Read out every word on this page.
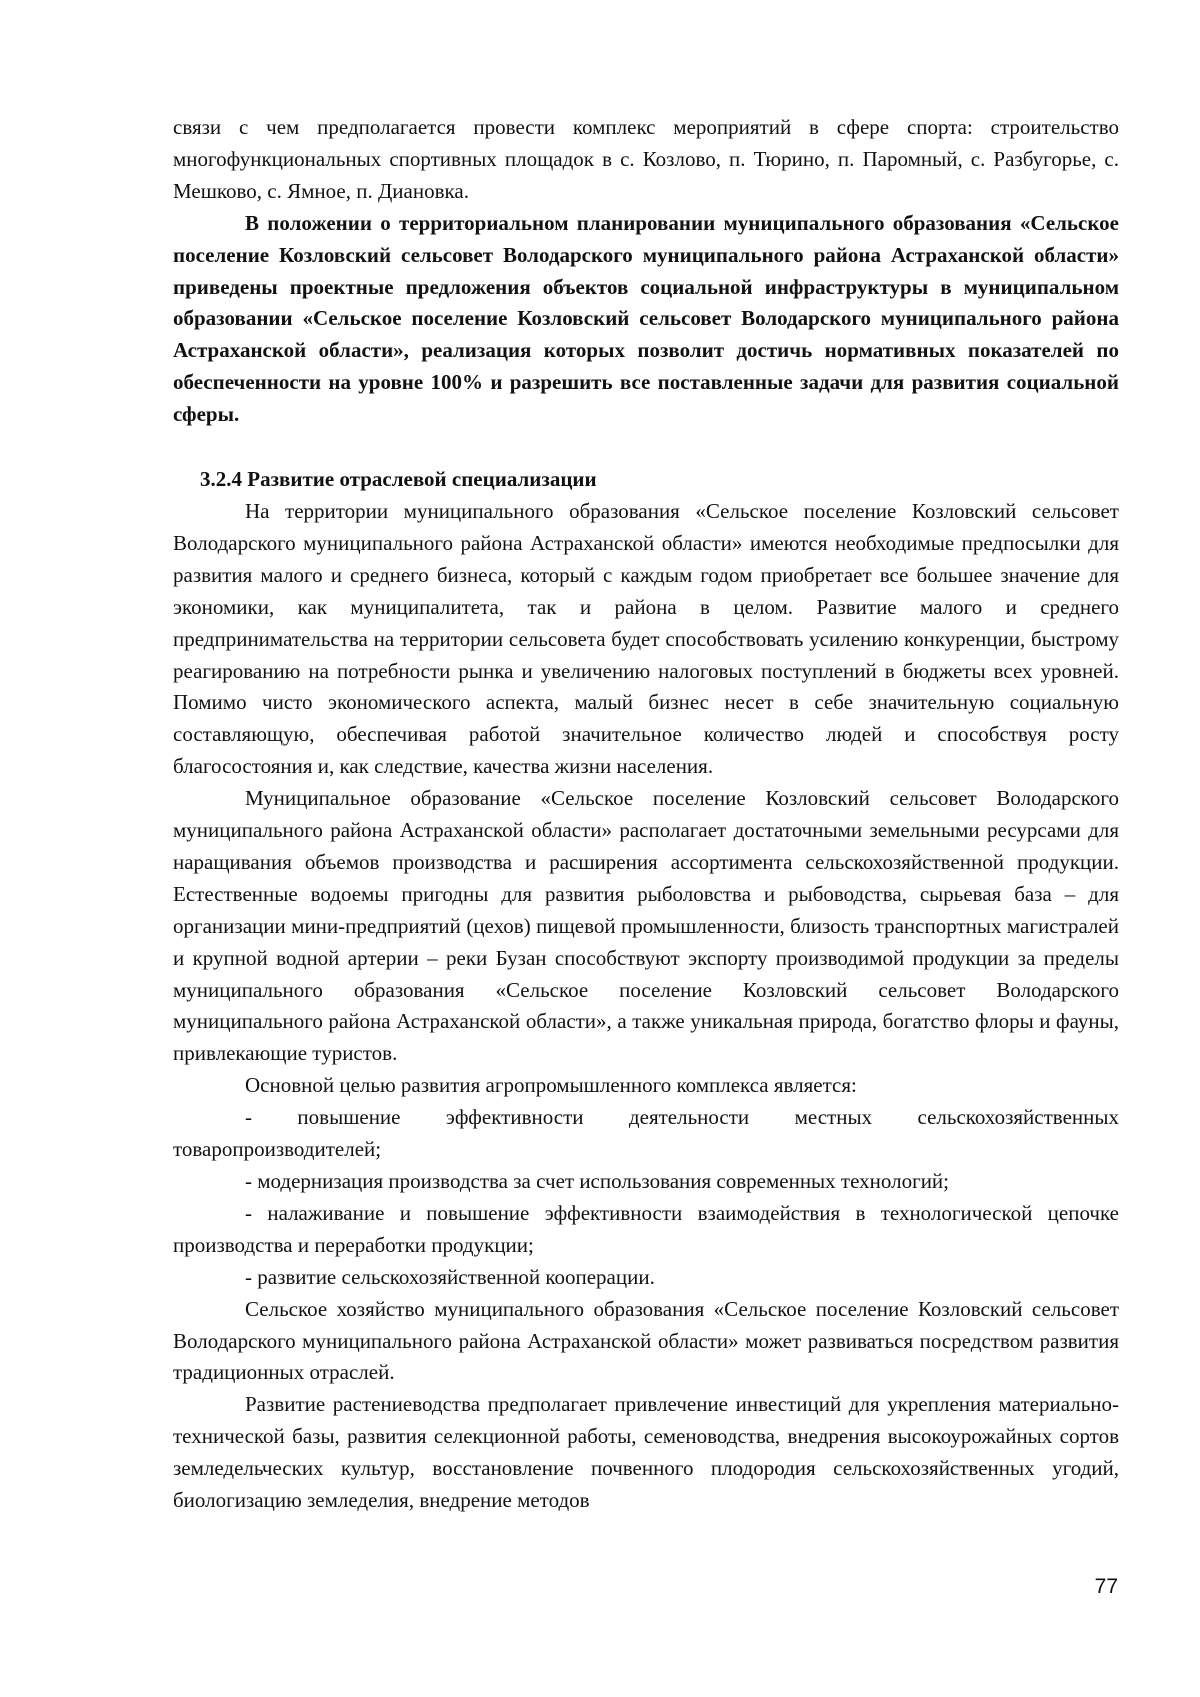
связи с чем предполагается провести комплекс мероприятий в сфере спорта: строительство многофункциональных спортивных площадок в с. Козлово, п. Тюрино, п. Паромный, с. Разбугорье, с. Мешково, с. Ямное, п. Диановка.

В положении о территориальном планировании муниципального образования «Сельское поселение Козловский сельсовет Володарского муниципального района Астраханской области» приведены проектные предложения объектов социальной инфраструктуры в муниципальном образовании «Сельское поселение Козловский сельсовет Володарского муниципального района Астраханской области», реализация которых позволит достичь нормативных показателей по обеспеченности на уровне 100% и разрешить все поставленные задачи для развития социальной сферы.

3.2.4 Развитие отраслевой специализации

На территории муниципального образования «Сельское поселение Козловский сельсовет Володарского муниципального района Астраханской области» имеются необходимые предпосылки для развития малого и среднего бизнеса, который с каждым годом приобретает все большее значение для экономики, как муниципалитета, так и района в целом. Развитие малого и среднего предпринимательства на территории сельсовета будет способствовать усилению конкуренции, быстрому реагированию на потребности рынка и увеличению налоговых поступлений в бюджеты всех уровней. Помимо чисто экономического аспекта, малый бизнес несет в себе значительную социальную составляющую, обеспечивая работой значительное количество людей и способствуя росту благосостояния и, как следствие, качества жизни населения.

Муниципальное образование «Сельское поселение Козловский сельсовет Володарского муниципального района Астраханской области» располагает достаточными земельными ресурсами для наращивания объемов производства и расширения ассортимента сельскохозяйственной продукции. Естественные водоемы пригодны для развития рыболовства и рыбоводства, сырьевая база – для организации мини-предприятий (цехов) пищевой промышленности, близость транспортных магистралей и крупной водной артерии – реки Бузан способствуют экспорту производимой продукции за пределы муниципального образования «Сельское поселение Козловский сельсовет Володарского муниципального района Астраханской области», а также уникальная природа, богатство флоры и фауны, привлекающие туристов.

Основной целью развития агропромышленного комплекса является:

- повышение эффективности деятельности местных сельскохозяйственных товаропроизводителей;

- модернизация производства за счет использования современных технологий;

- налаживание и повышение эффективности взаимодействия в технологической цепочке производства и переработки продукции;

- развитие сельскохозяйственной кооперации.

Сельское хозяйство муниципального образования «Сельское поселение Козловский сельсовет Володарского муниципального района Астраханской области» может развиваться посредством развития традиционных отраслей.

Развитие растениеводства предполагает привлечение инвестиций для укрепления материально-технической базы, развития селекционной работы, семеноводства, внедрения высокоурожайных сортов земледельческих культур, восстановление почвенного плодородия сельскохозяйственных угодий, биологизацию земледелия, внедрение методов

77
